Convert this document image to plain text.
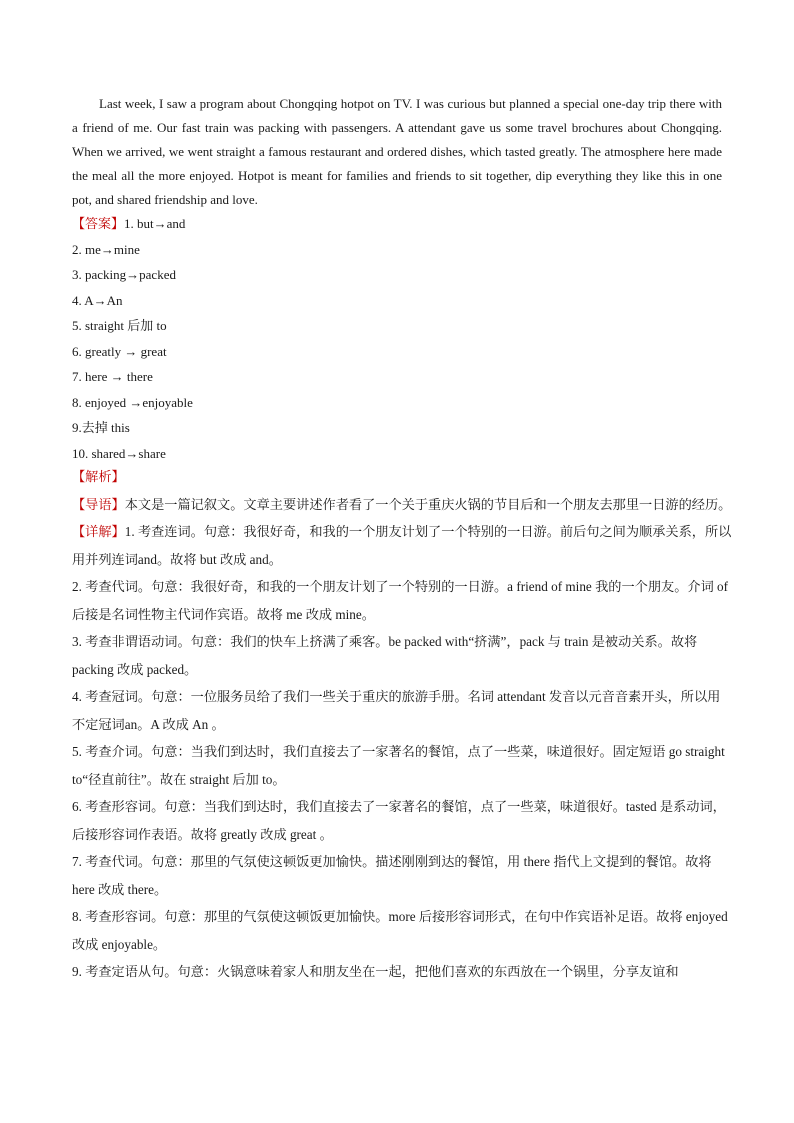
Last week, I saw a program about Chongqing hotpot on TV. I was curious but planned a special one-day trip there with a friend of me. Our fast train was packing with passengers. A attendant gave us some travel brochures about Chongqing. When we arrived, we went straight a famous restaurant and ordered dishes, which tasted greatly. The atmosphere here made the meal all the more enjoyed. Hotpot is meant for families and friends to sit together, dip everything they like this in one pot, and shared friendship and love.
【答案】1. but→and
2. me→mine
3. packing→packed
4. A→An
5. straight 后加 to
6. greatly → great
7. here → there
8. enjoyed →enjoyable
9.去掉 this
10. shared→share
【解析】

【导语】本文是一篇记叙文。文章主要讲述作者看了一个关于重庆火锅的节目后和一个朋友去那里一日游的经历。

【详解】1. 考查连词。句意：我很好奇，和我的一个朋友计划了一个特别的一日游。前后句之间为顺承关系，所以用并列连词and。故将 but 改成 and。

2. 考查代词。句意：我很好奇，和我的一个朋友计划了一个特别的一日游。a friend of mine 我的一个朋友。介词 of 后接是名词性物主代词作宾语。故将 me 改成 mine。

3. 考查非谓语动词。句意：我们的快车上挤满了乘客。be packed with“挤满”，pack 与 train 是被动关系。故将 packing 改成 packed。

4. 考查冠词。句意：一位服务员给了我们一些关于重庆的旅游手册。名词 attendant 发音以元音音素开头，所以用不定冠词an。A 改成 An 。

5. 考查介词。句意：当我们到达时，我们直接去了一家著名的餐馆，点了一些菜，味道很好。固定短语 go straight to“径直前往”。故在 straight 后加 to。

6. 考查形容词。句意：当我们到达时，我们直接去了一家著名的餐馆，点了一些菜，味道很好。tasted 是系动词，后接形容词作表语。故将 greatly 改成 great 。

7. 考查代词。句意：那里的气氛使这顿饭更加愉快。描述刚刚到达的餐馆，用 there 指代上文提到的餐馆。故将 here 改成 there。

8. 考查形容词。句意：那里的气氛使这顿饭更加愉快。more 后接形容词形式，在句中作宾语补足语。故将 enjoyed 改成 enjoyable。

9. 考查定语从句。句意：火锅意味着家人和朋友坐在一起，把他们喜欢的东西放在一个锅里，分享友谊和
